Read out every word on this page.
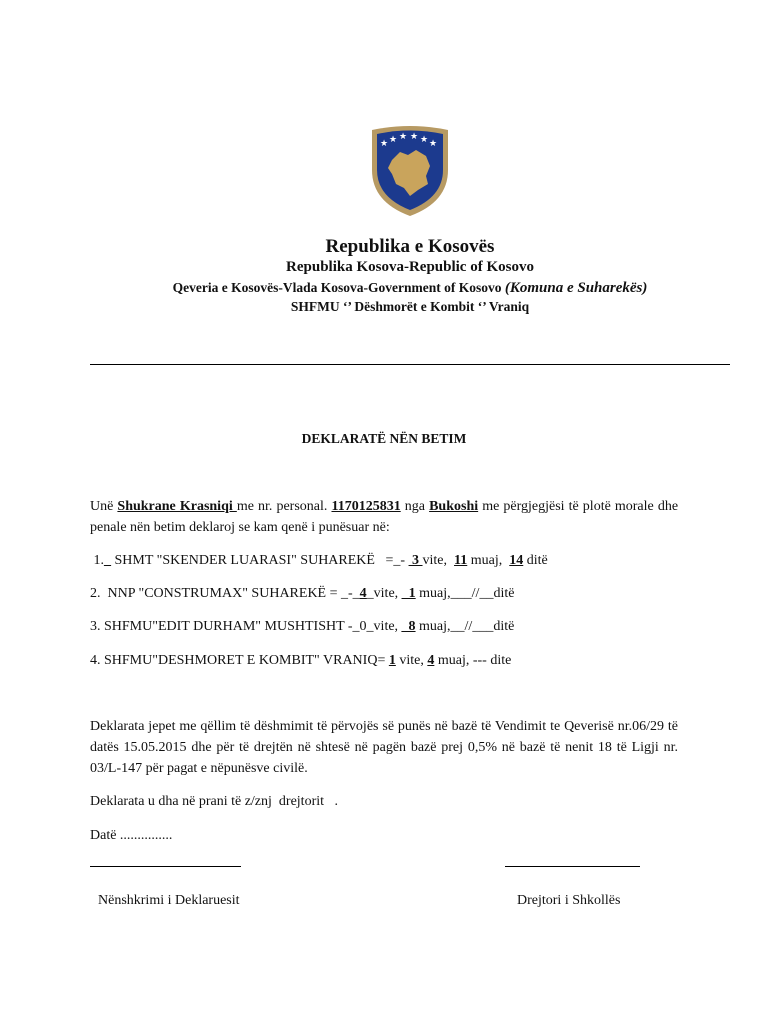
★ ★ ★ ★ ★ ★
Republika e Kosovës
Republika Kosova-Republic of Kosovo
Qeveria e Kosovës-Vlada Kosova-Government of Kosovo (Komuna e Suharekës)
SHFMU ‘’ Dëshmorët e Kombit ‘’ Vraniq
DEKLARATË NËN BETIM
Unë Shukrane Krasniqi me nr. personal. 1170125831 nga Bukoshi me përgjegjësi të plotë morale dhe penale nën betim deklaroj se kam qenë i punësuar në:
1._ SHMT "SKENDER LUARASI" SUHAREKË   =_-  3 vite,  11 muaj,  14 ditë
2.  NNP "CONSTRUMAX" SUHAREKË = _-_4_vite, _1 muaj,___//__ditë
3. SHFMU"EDIT DURHAM" MUSHTISHT -_0_vite, _8 muaj,__//___ditë
4. SHFMU"DESHMORET E KOMBIT" VRANIQ= 1 vite, 4 muaj, --- dite
Deklarata jepet me qëllim të dëshmimit të përvojës së punës në bazë të Vendimit te Qeverisë nr.06/29 të datës 15.05.2015 dhe për të drejtën në shtesë në pagën bazë prej 0,5% në bazë të nenit 18 të Ligji nr. 03/L-147 për pagat e nëpunësve civilë.
Deklarata u dha në prani të z/znj  drejtorit   .
Datë ...............
Nënshkrimi i Deklaruesit	Drejtori i Shkollës
